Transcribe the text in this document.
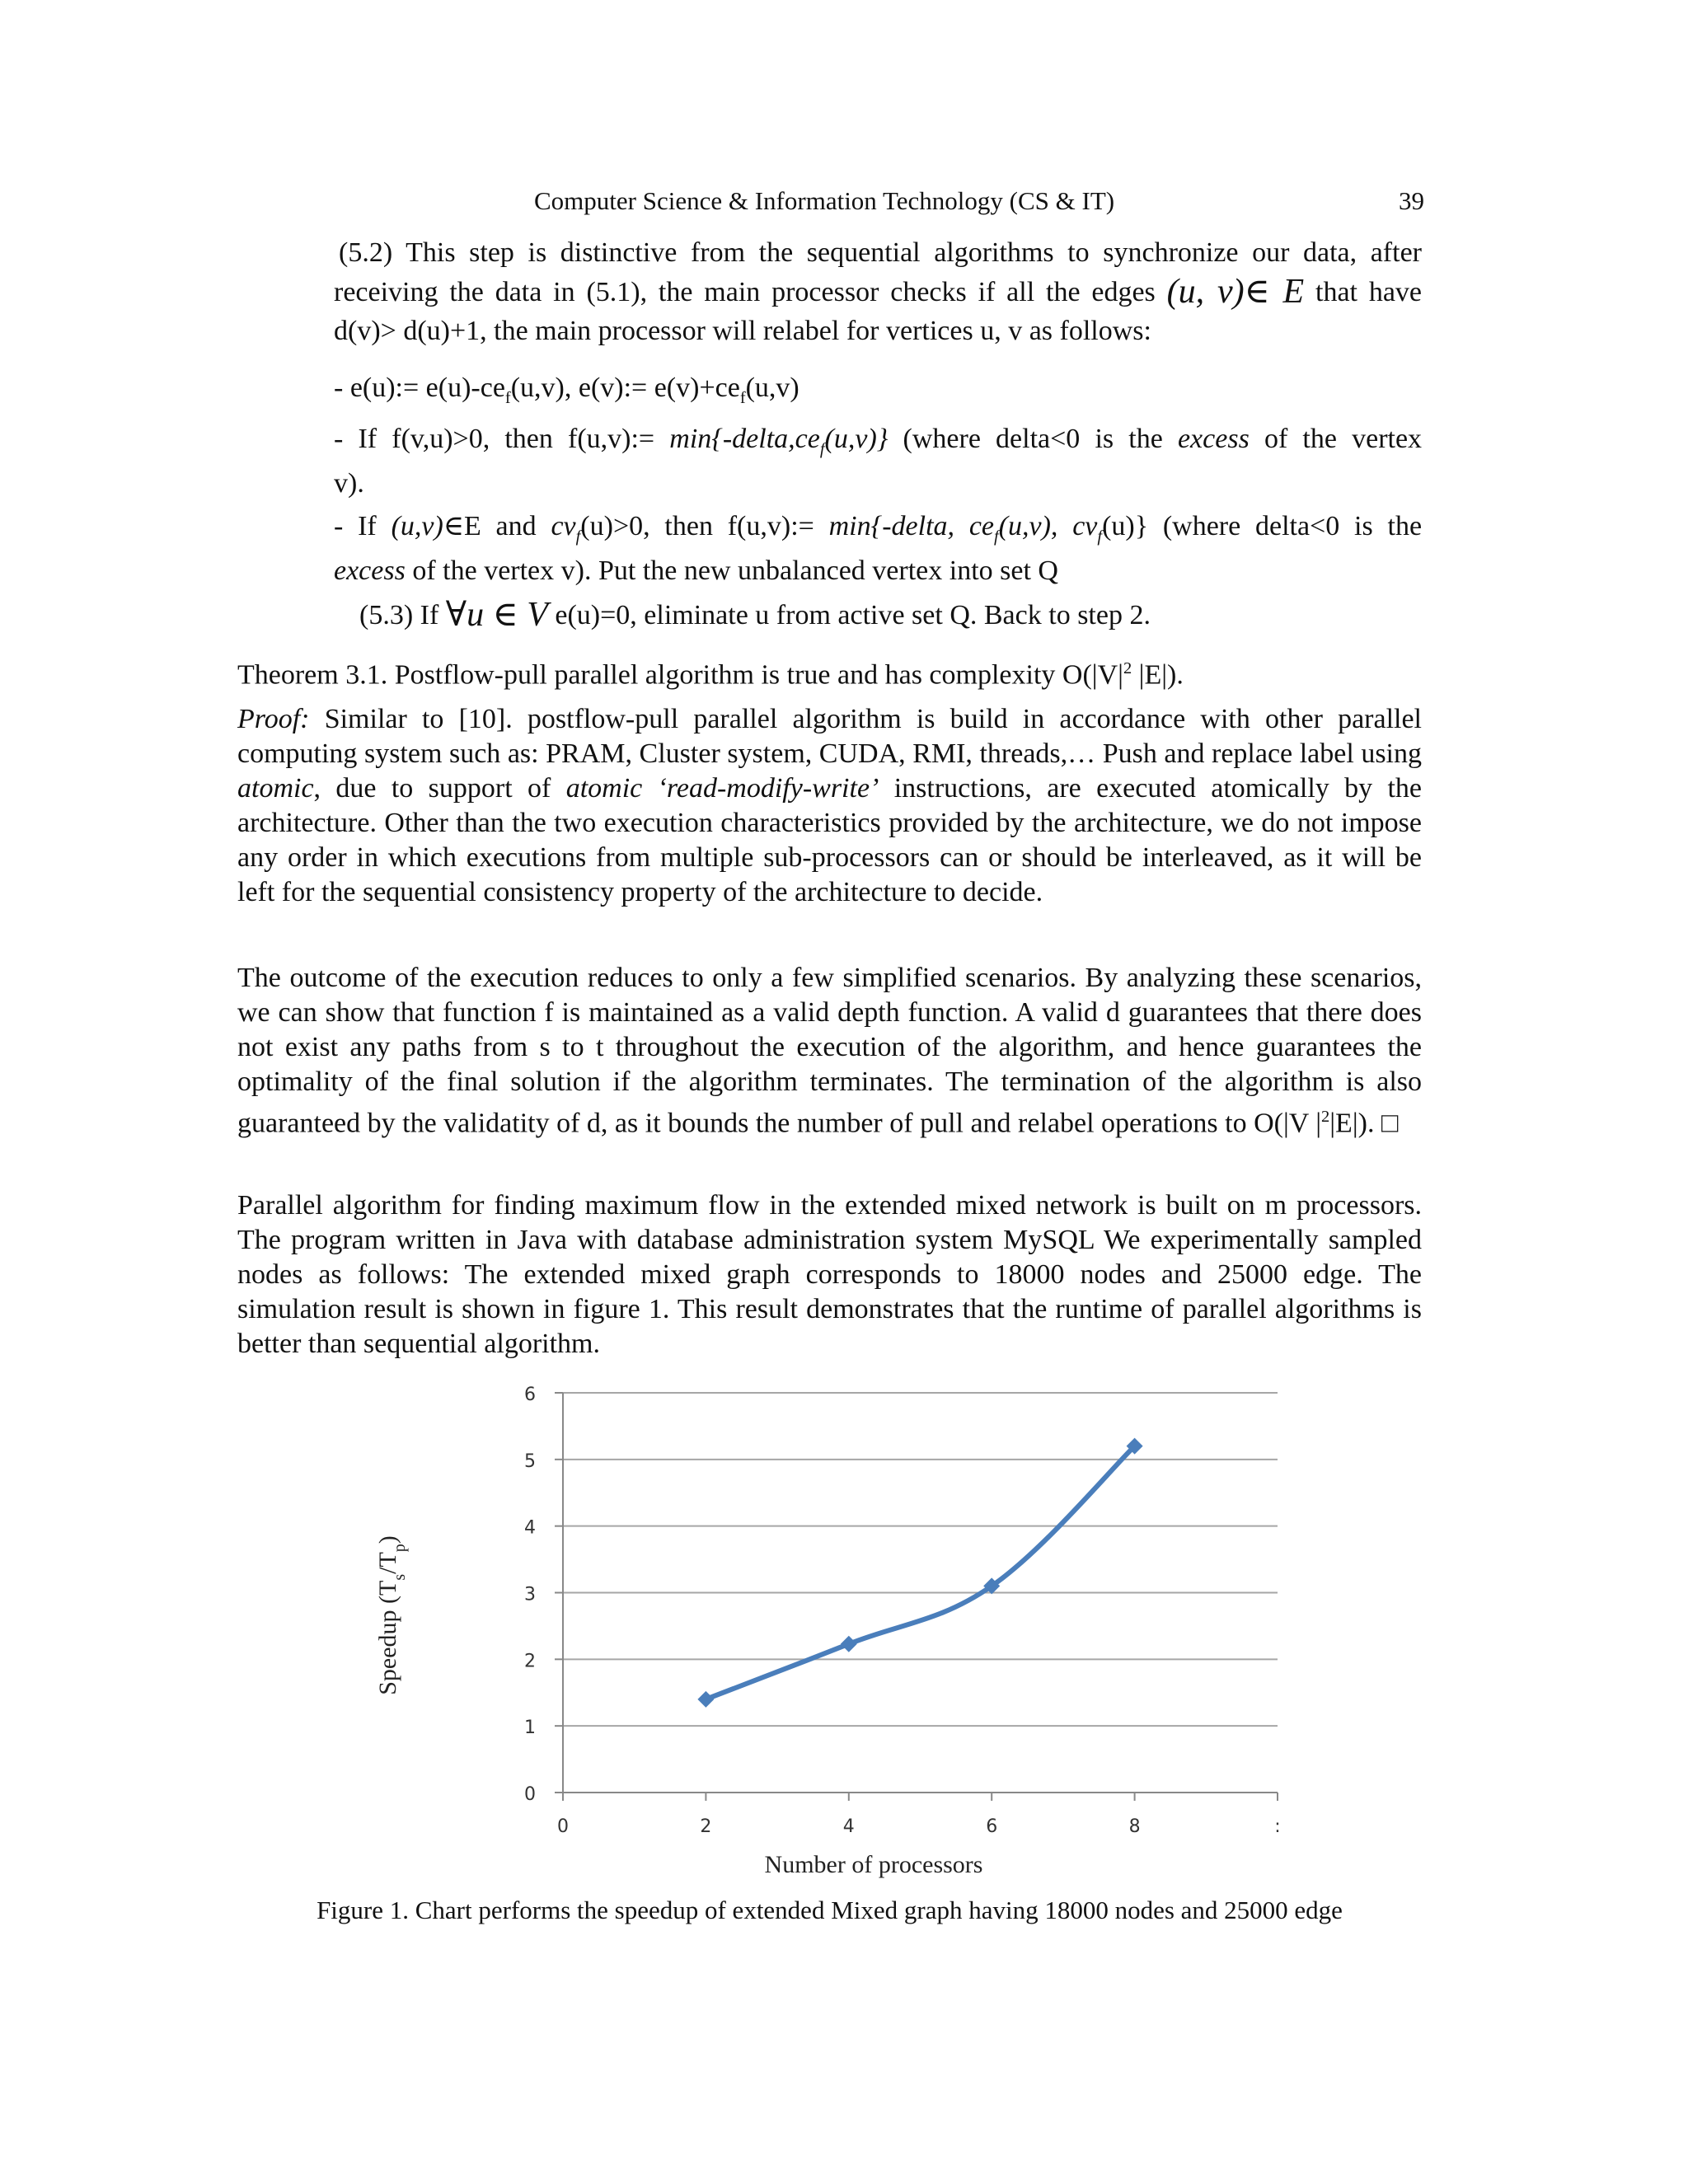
Computer Science & Information Technology (CS & IT)	39
(5.2) This step is distinctive from the sequential algorithms to synchronize our data, after
receiving the data in (5.1), the main processor checks if all the edges (u, v)∈ E that have
d(v)> d(u)+1, the main processor will relabel for vertices u, v as follows:
- e(u):= $e(u)-ce_f(u,v)$, e(v):= $e(v)+ce_f(u,v)$
- If f(v,u)>0, then f(u,v):= $\min\{-delta,ce_f(u,v)\}$ (where delta<0 is the excess of the vertex
v).
- If (u,v)∈E and $cv_f(u)>0$, then f(u,v):= min{-delta, $ce_f(u,v)$, $cv_f(u)$} (where delta<0 is the
excess of the vertex v). Put the new unbalanced vertex into set Q
(5.3) If ∀u ∈ V e(u)=0, eliminate u from active set Q. Back to step 2.
Theorem 3.1. Postflow-pull parallel algorithm is true and has complexity $O(|V|^2$ |E|).
Proof: Similar to [10]. postflow-pull parallel algorithm is build in accordance with other parallel computing system such as: PRAM, Cluster system, CUDA, RMI, threads,… Push and replace label using atomic, due to support of atomic ‘read-modify-write’ instructions, are executed atomically by the architecture. Other than the two execution characteristics provided by the architecture, we do not impose any order in which executions from multiple sub-processors can or should be interleaved, as it will be left for the sequential consistency property of the architecture to decide.
The outcome of the execution reduces to only a few simplified scenarios. By analyzing these scenarios, we can show that function f is maintained as a valid depth function. A valid d guarantees that there does not exist any paths from s to t throughout the execution of the algorithm, and hence guarantees the optimality of the final solution if the algorithm terminates. The termination of the algorithm is also guaranteed by the validatity of d, as it bounds the number of pull and relabel operations to O(|V $|^2|E|$). □
Parallel algorithm for finding maximum flow in the extended mixed network is built on m processors. The program written in Java with database administration system MySQL We experimentally sampled nodes as follows: The extended mixed graph corresponds to 18000 nodes and 25000 edge. The simulation result is shown in figure 1. This result demonstrates that the runtime of parallel algorithms is better than sequential algorithm.
0
1
2
3
4
5
6
0	2	4	6	8	:
Number of processors
Speedup $(T_s/T_p)$
Figure 1. Chart performs the speedup of extended Mixed graph having 18000 nodes and 25000 edge
